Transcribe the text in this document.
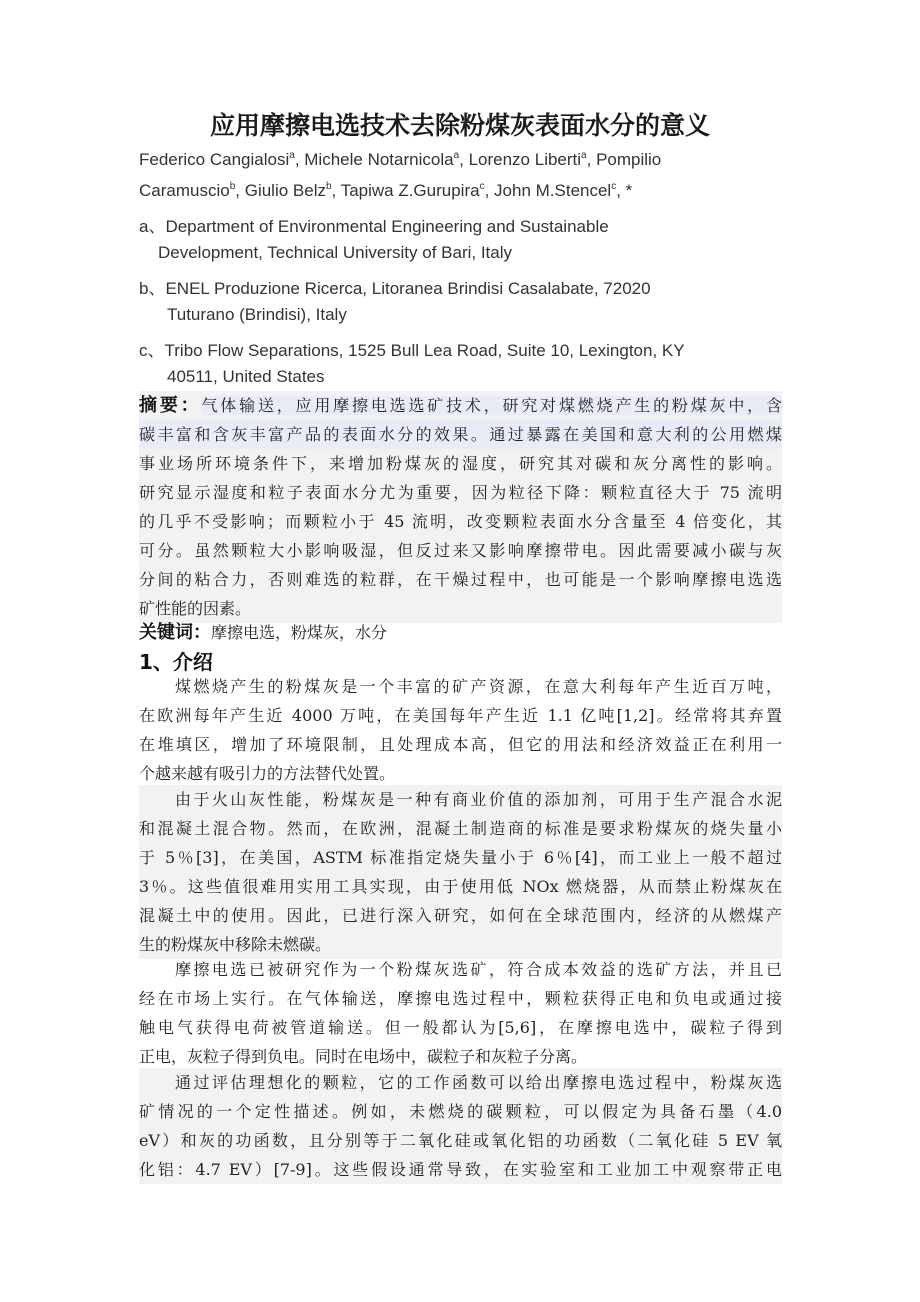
应用摩擦电选技术去除粉煤灰表面水分的意义
Federico Cangialosi$^a$, Michele Notarnicola$^a$, Lorenzo Liberti$^a$, Pompilio
Caramuscio$^b$, Giulio Belz$^b$, Tapiwa Z.Gurupira$^c$, John M.Stencel$^c$, *
a、Department of Environmental Engineering and Sustainable
Development, Technical University of Bari, Italy
b、ENEL Produzione Ricerca, Litoranea Brindisi Casalabate, 72020
Tuturano (Brindisi), Italy
c、Tribo Flow Separations, 1525 Bull Lea Road, Suite 10, Lexington, KY
40511, United States
摘要：气体输送，应用摩擦电选选矿技术，研究对煤燃烧产生的粉煤灰中，含
碳丰富和含灰丰富产品的表面水分的效果。通过暴露在美国和意大利的公用燃煤
事业场所环境条件下，来增加粉煤灰的湿度，研究其对碳和灰分离性的影响。
研究显示湿度和粒子表面水分尤为重要，因为粒径下降：颗粒直径大于 75 流明
的几乎不受影响；而颗粒小于 45 流明，改变颗粒表面水分含量至 4 倍变化，其
可分。虽然颗粒大小影响吸湿，但反过来又影响摩擦带电。因此需要减小碳与灰
分间的粘合力，否则难选的粒群，在干燥过程中，也可能是一个影响摩擦电选选
矿性能的因素。
关键词：摩擦电选，粉煤灰，水分
1、介绍
煤燃烧产生的粉煤灰是一个丰富的矿产资源，在意大利每年产生近百万吨，
在欧洲每年产生近 4000 万吨，在美国每年产生近 1.1 亿吨[1,2]。经常将其弃置
在堆填区，增加了环境限制，且处理成本高，但它的用法和经济效益正在利用一
个越来越有吸引力的方法替代处置。
由于火山灰性能，粉煤灰是一种有商业价值的添加剂，可用于生产混合水泥
和混凝土混合物。然而，在欧洲，混凝土制造商的标准是要求粉煤灰的烧失量小
于 5％[3]，在美国，ASTM 标准指定烧失量小于 6％[4]，而工业上一般不超过
3％。这些值很难用实用工具实现，由于使用低 NOx 燃烧器，从而禁止粉煤灰在
混凝土中的使用。因此，已进行深入研究，如何在全球范围内，经济的从燃煤产
生的粉煤灰中移除未燃碳。
摩擦电选已被研究作为一个粉煤灰选矿，符合成本效益的选矿方法，并且已
经在市场上实行。在气体输送，摩擦电选过程中，颗粒获得正电和负电或通过接
触电气获得电荷被管道输送。但一般都认为[5,6]，在摩擦电选中，碳粒子得到
正电，灰粒子得到负电。同时在电场中，碳粒子和灰粒子分离。
通过评估理想化的颗粒，它的工作函数可以给出摩擦电选过程中，粉煤灰选
矿情况的一个定性描述。例如，未燃烧的碳颗粒，可以假定为具备石墨（4.0
eV）和灰的功函数，且分别等于二氧化硅或氧化铝的功函数（二氧化硅 5 EV 氧
化铝：4.7 EV）[7-9]。这些假设通常导致，在实验室和工业加工中观察带正电
